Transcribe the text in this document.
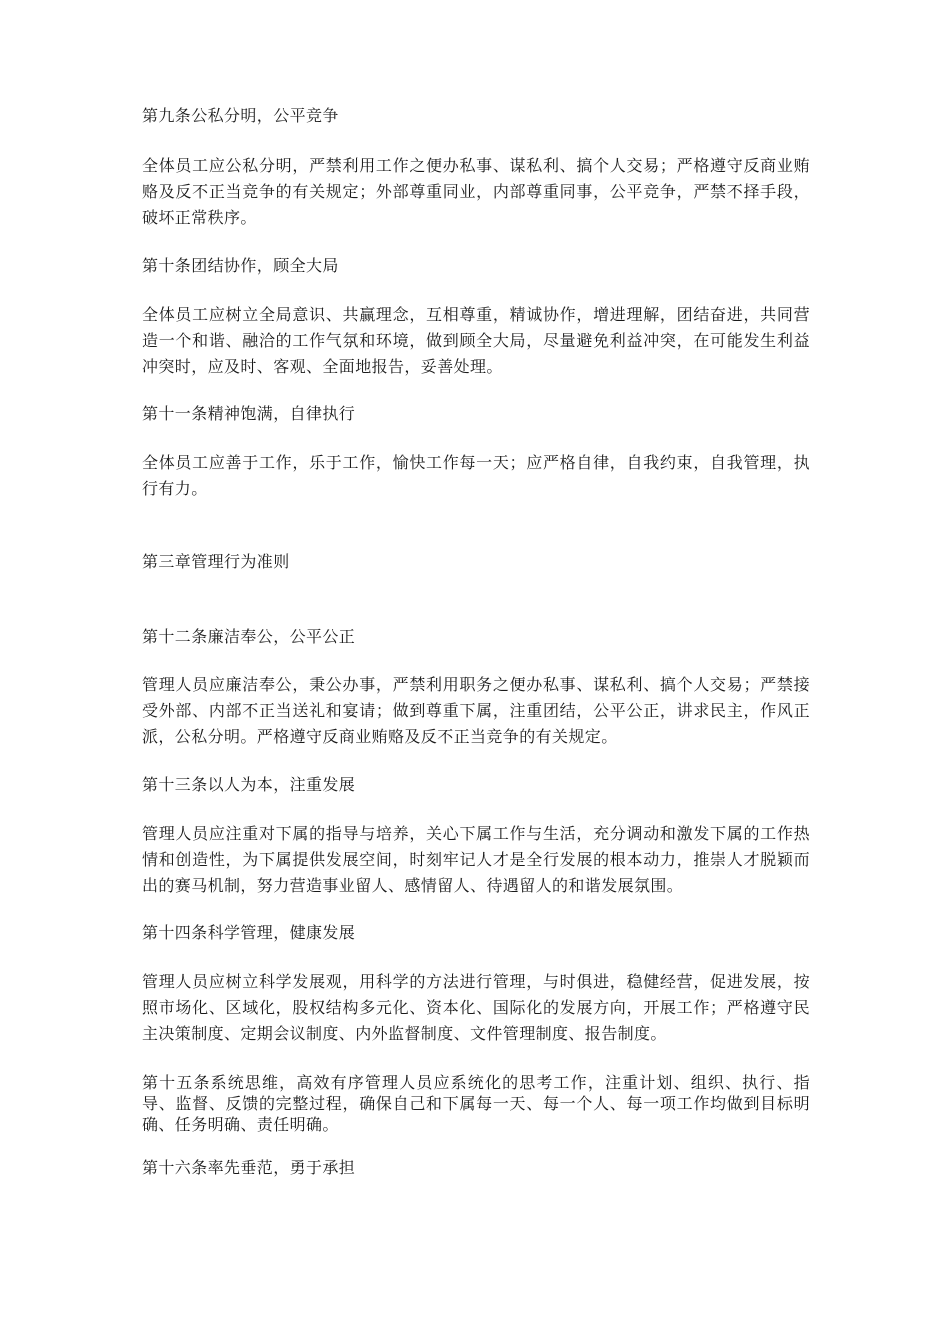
第九条公私分明，公平竞争

全体员工应公私分明，严禁利用工作之便办私事、谋私利、搞个人交易；严格遵守反商业贿赂及反不正当竞争的有关规定；外部尊重同业，内部尊重同事，公平竞争，严禁不择手段，破坏正常秩序。

第十条团结协作，顾全大局

全体员工应树立全局意识、共赢理念，互相尊重，精诚协作，增进理解，团结奋进，共同营造一个和谐、融洽的工作气氛和环境，做到顾全大局，尽量避免利益冲突，在可能发生利益冲突时，应及时、客观、全面地报告，妥善处理。

第十一条精神饱满，自律执行

全体员工应善于工作，乐于工作，愉快工作每一天；应严格自律，自我约束，自我管理，执行有力。

第三章管理行为准则

第十二条廉洁奉公，公平公正

管理人员应廉洁奉公，秉公办事，严禁利用职务之便办私事、谋私利、搞个人交易；严禁接受外部、内部不正当送礼和宴请；做到尊重下属，注重团结，公平公正，讲求民主，作风正派，公私分明。严格遵守反商业贿赂及反不正当竞争的有关规定。

第十三条以人为本，注重发展

管理人员应注重对下属的指导与培养，关心下属工作与生活，充分调动和激发下属的工作热情和创造性，为下属提供发展空间，时刻牢记人才是全行发展的根本动力，推崇人才脱颖而出的赛马机制，努力营造事业留人、感情留人、待遇留人的和谐发展氛围。

第十四条科学管理，健康发展

管理人员应树立科学发展观，用科学的方法进行管理，与时俱进，稳健经营，促进发展，按照市场化、区域化，股权结构多元化、资本化、国际化的发展方向，开展工作；严格遵守民主决策制度、定期会议制度、内外监督制度、文件管理制度、报告制度。

第十五条系统思维，高效有序管理人员应系统化的思考工作，注重计划、组织、执行、指导、监督、反馈的完整过程，确保自己和下属每一天、每一个人、每一项工作均做到目标明确、任务明确、责任明确。

第十六条率先垂范，勇于承担
